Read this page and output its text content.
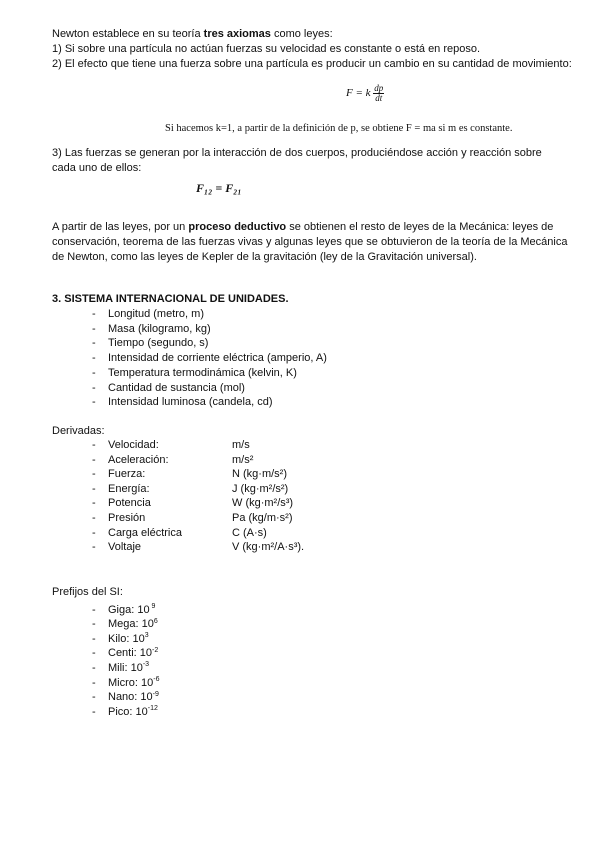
Newton establece en su teoría tres axiomas como leyes:
1) Si sobre una partícula no actúan fuerzas su velocidad es constante o está en reposo.
2) El efecto que tiene una fuerza sobre una partícula es producir un cambio en su cantidad de movimiento:
F = k $\frac{dp}{dt}$
Si hacemos k=1, a partir de la definición de p, se obtiene F = ma si m es constante.
3) Las fuerzas se generan por la interacción de dos cuerpos, produciéndose acción y reacción sobre
cada uno de ellos:
F₁₂ = F₂₁
A partir de las leyes, por un proceso deductivo se obtienen el resto de leyes de la Mecánica: leyes de
conservación, teorema de las fuerzas vivas y algunas leyes que se obtuvieron de la teoría de la Mecánica
de Newton, como las leyes de Kepler de la gravitación (ley de la Gravitación universal).
3. SISTEMA INTERNACIONAL DE UNIDADES.
- Longitud (metro, m)
- Masa (kilogramo, kg)
- Tiempo (segundo, s)
- Intensidad de corriente eléctrica (amperio, A)
- Temperatura termodinámica (kelvin, K)
- Cantidad de sustancia (mol)
- Intensidad luminosa (candela, cd)
Derivadas:
- Velocidad:	m/s
- Aceleración:	m/s²
- Fuerza:	N (kg·m/s²)
- Energía:	J (kg·m²/s²)
- Potencia	W (kg·m²/s³)
- Presión	Pa (kg/m·s²)
- Carga eléctrica	C (A·s)
- Voltaje	V (kg·m²/A·s³).
Prefijos del SI:
- Giga: 10 $^9$
- Mega: $10^6$
- Kilo: $10^3$
- Centi: $10^{-2}$
- Mili: $10^{-3}$
- Micro: $10^{-6}$
- Nano: $10^{-9}$
- Pico: $10^{-12}$
